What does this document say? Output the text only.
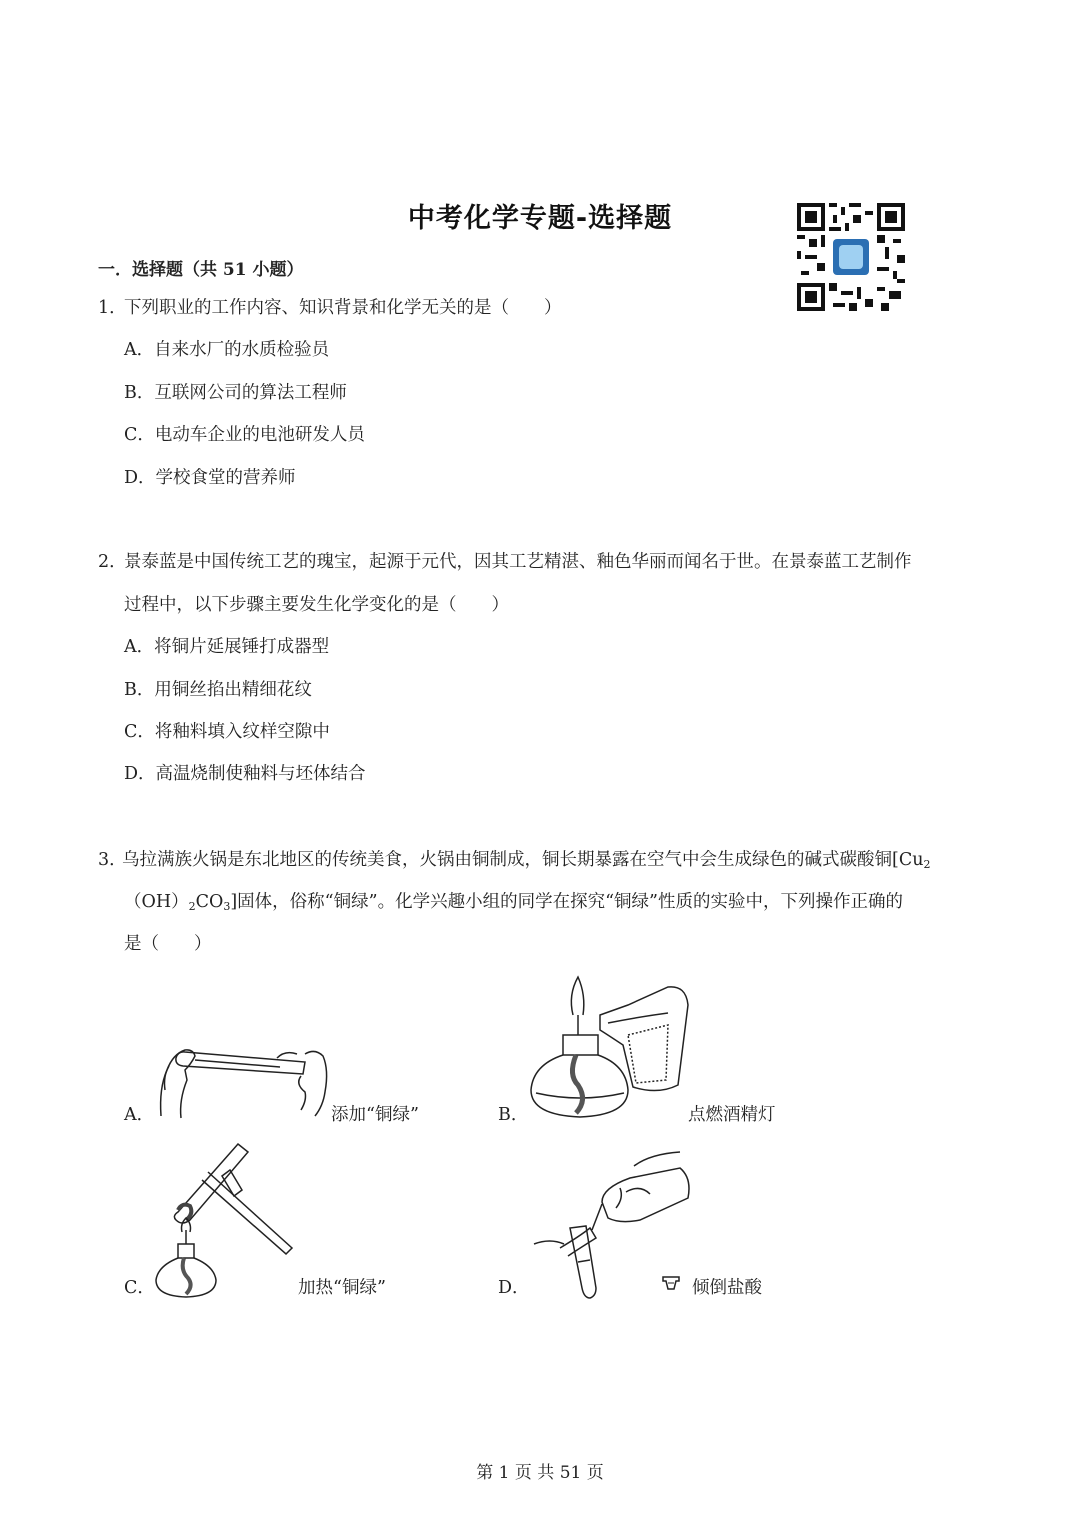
中考化学专题-选择题
一．选择题（共 51 小题）
1．
下列职业的工作内容、知识背景和化学无关的是（　　）
A．自来水厂的水质检验员
B．互联网公司的算法工程师
C．电动车企业的电池研发人员
D．学校食堂的营养师
2．
景泰蓝是中国传统工艺的瑰宝，起源于元代，因其工艺精湛、釉色华丽而闻名于世。在景泰蓝工艺制作
过程中，以下步骤主要发生化学变化的是（　　）
A．将铜片延展锤打成器型
B．用铜丝掐出精细花纹
C．将釉料填入纹样空隙中
D．高温烧制使釉料与坯体结合
3．
乌拉满族火锅是东北地区的传统美食，火锅由铜制成，铜长期暴露在空气中会生成绿色的碱式碳酸铜[$Cu_2$
$(OH)_2CO_3$]固体，俗称“铜绿”。化学兴趣小组的同学在探究“铜绿”性质的实验中，下列操作正确的
是（　　）
A．	添加“铜绿”	B．	点燃酒精灯
C．	加热“铜绿”	D．	倾倒盐酸
第 1 页 共 51 页
